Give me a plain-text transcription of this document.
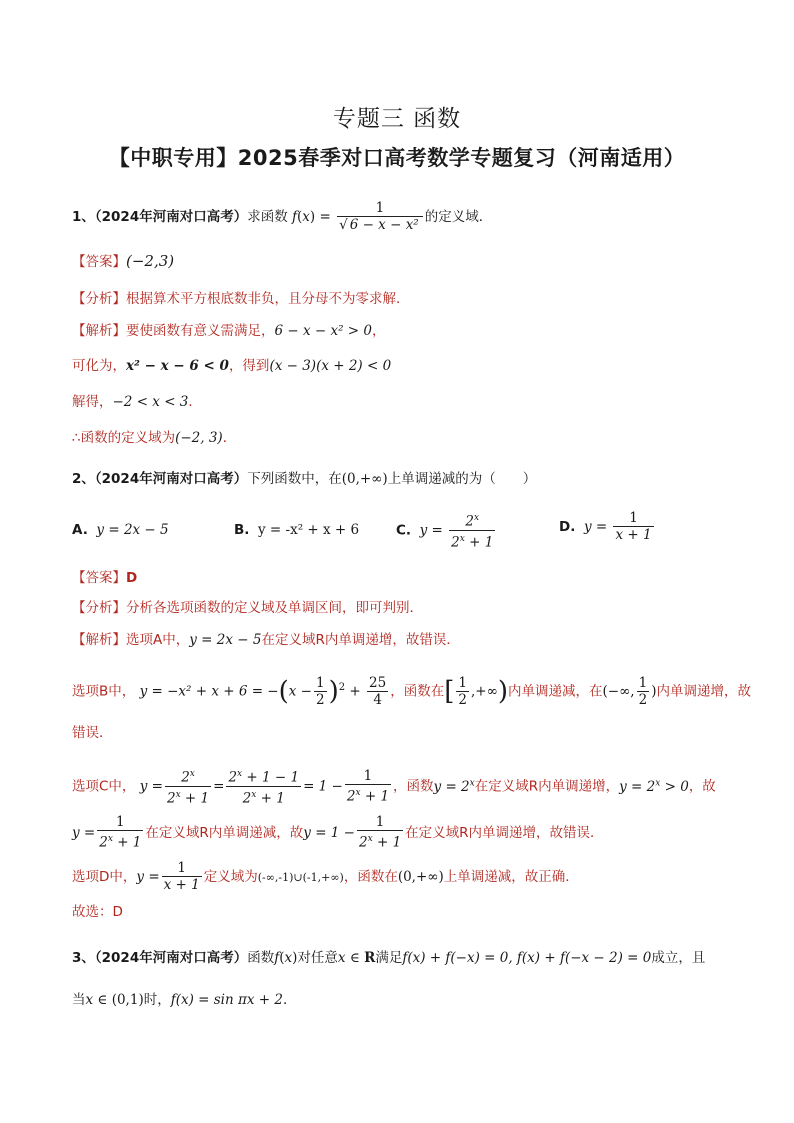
专题三 函数
【中职专用】2025春季对口高考数学专题复习（河南适用）
1、（2024年河南对口高考）求函数 $f(x) = \frac{1}{\text{√ 6 − x − x²}}$ 的定义域．
【答案】(−2,3)
【分析】根据算术平方根底数非负，且分母不为零求解．
【解析】要使函数有意义需满足，6 − x − x² > 0，
可化为，x² − x − 6 < 0，得到(x − 3)(x + 2) < 0
解得，−2 < x < 3．
∴函数的定义域为(−2, 3)．
2、（2024年河南对口高考）下列函数中，在(0,+∞)上单调递减的为（　　）
A. y = 2x − 5	B. y = -x² + x + 6	C. $y = \frac{2^x}{2^x + 1}$	D. $y = \frac{1}{x + 1}$
【答案】D
【分析】分析各选项函数的定义域及单调区间，即可判别．
【解析】选项A中，y = 2x − 5在定义域R内单调递增，故错误．
选项B中， $y = -x^2 + x + 6 = -(x - \frac{1}{2} )^2 + \frac{25}{4}$ ，函数在[ $\frac{1}{2}$ ,+∞)内单调递减，在(−∞, $\frac{1}{2}$ )内单调递增，故
错误．
选项C中， $y = \frac{2^x}{2^x + 1} = \frac{2^x + 1 - 1}{2^x + 1} = 1 - \frac{1}{2^x + 1}$ ，函数$y = 2^x$在定义域R内单调递增，$y = 2^x > 0$，故
$y = \frac{1}{2^x + 1}$ 在定义域R内单调递减，故$y = 1 - \frac{1}{2^x + 1}$ 在定义域R内单调递增，故错误．
选项D中，$y = \frac{1}{x + 1}$ 定义域为(-∞,-1)∪(-1,+∞)，函数在(0,+∞)上单调递减，故正确．
故选：D
3、（2024年河南对口高考）函数f(x)对任意x ∈ R满足f(x) + f(−x) = 0, f(x) + f(−x − 2) = 0成立，且
当x ∈ (0,1)时，f(x) = sin πx + 2．
